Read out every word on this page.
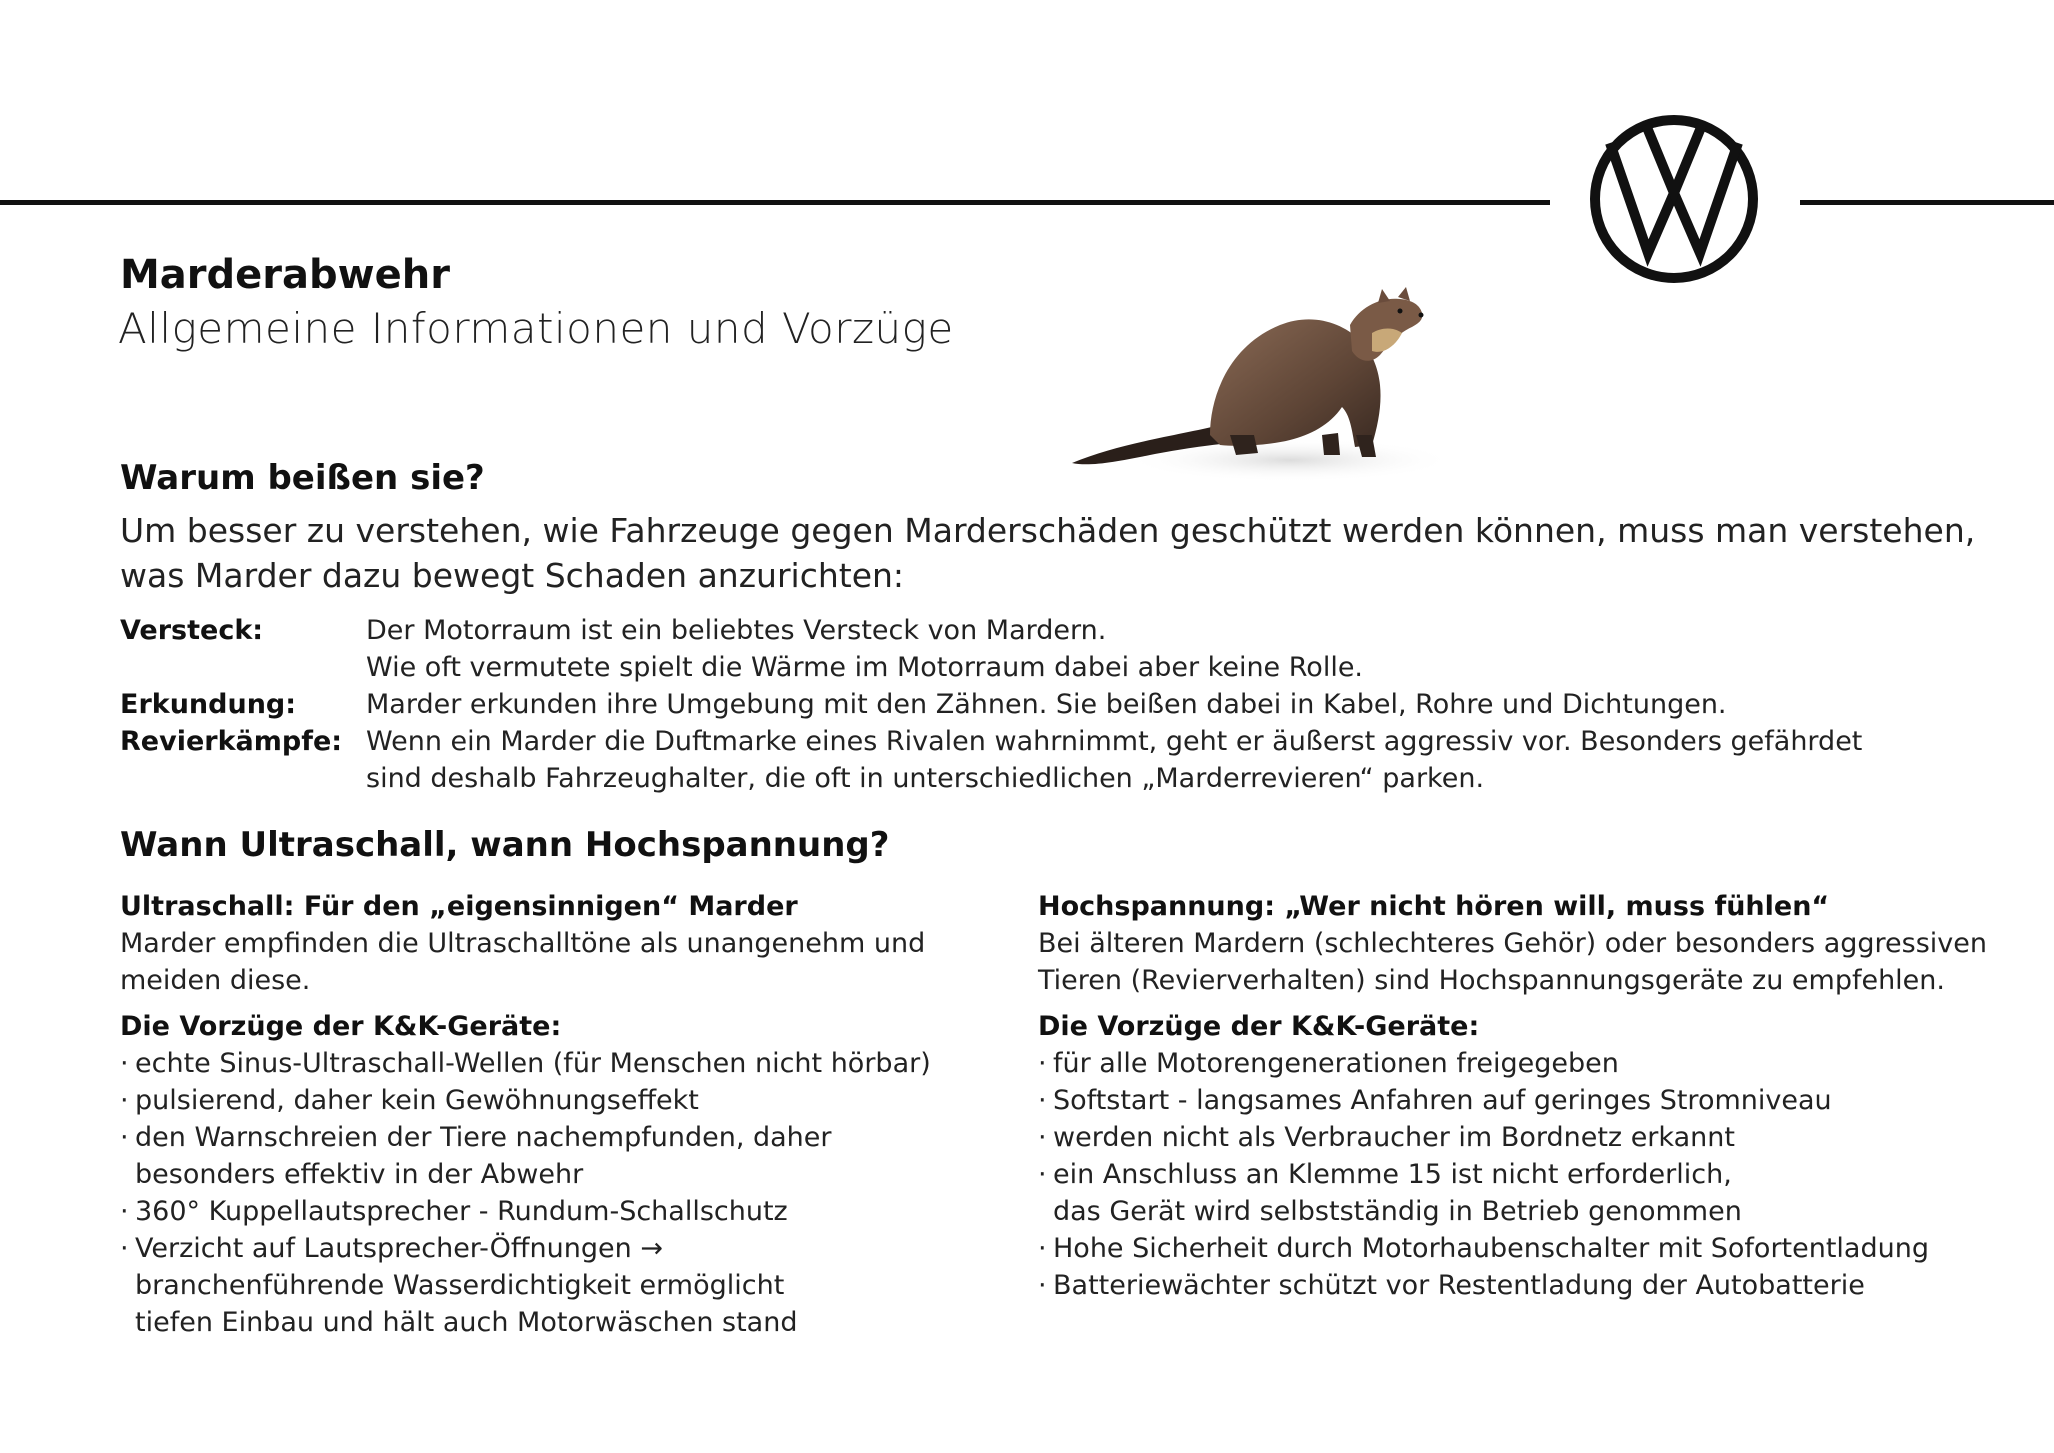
Marderabwehr
Allgemeine Informationen und Vorzüge
Warum beißen sie?
Um besser zu verstehen, wie Fahrzeuge gegen Marderschäden geschützt werden können, muss man verstehen,
was Marder dazu bewegt Schaden anzurichten:
Versteck:	Der Motorraum ist ein beliebtes Versteck von Mardern.
Wie oft vermutete spielt die Wärme im Motorraum dabei aber keine Rolle.
Erkundung:	Marder erkunden ihre Umgebung mit den Zähnen. Sie beißen dabei in Kabel, Rohre und Dichtungen.
Revierkämpfe: Wenn ein Marder die Duftmarke eines Rivalen wahrnimmt, geht er äußerst aggressiv vor. Besonders gefährdet
sind deshalb Fahrzeughalter, die oft in unterschiedlichen „Marderrevieren“ parken.
Wann Ultraschall, wann Hochspannung?
Ultraschall: Für den „eigensinnigen“ Marder
Marder empfinden die Ultraschalltöne als unangenehm und
meiden diese.
Die Vorzüge der K&K-Geräte:
· echte Sinus-Ultraschall-Wellen (für Menschen nicht hörbar)
· pulsierend, daher kein Gewöhnungseffekt
· den Warnschreien der Tiere nachempfunden, daher
besonders effektiv in der Abwehr
· 360° Kuppellautsprecher - Rundum-Schallschutz
· Verzicht auf Lautsprecher-Öffnungen →
branchenführende Wasserdichtigkeit ermöglicht
tiefen Einbau und hält auch Motorwäschen stand
Hochspannung: „Wer nicht hören will, muss fühlen“
Bei älteren Mardern (schlechteres Gehör) oder besonders aggressiven
Tieren (Revierverhalten) sind Hochspannungsgeräte zu empfehlen.
Die Vorzüge der K&K-Geräte:
· für alle Motorengenerationen freigegeben
· Softstart - langsames Anfahren auf geringes Stromniveau
· werden nicht als Verbraucher im Bordnetz erkannt
· ein Anschluss an Klemme 15 ist nicht erforderlich,
das Gerät wird selbstständig in Betrieb genommen
· Hohe Sicherheit durch Motorhaubenschalter mit Sofortentladung
· Batteriewächter schützt vor Restentladung der Autobatterie
